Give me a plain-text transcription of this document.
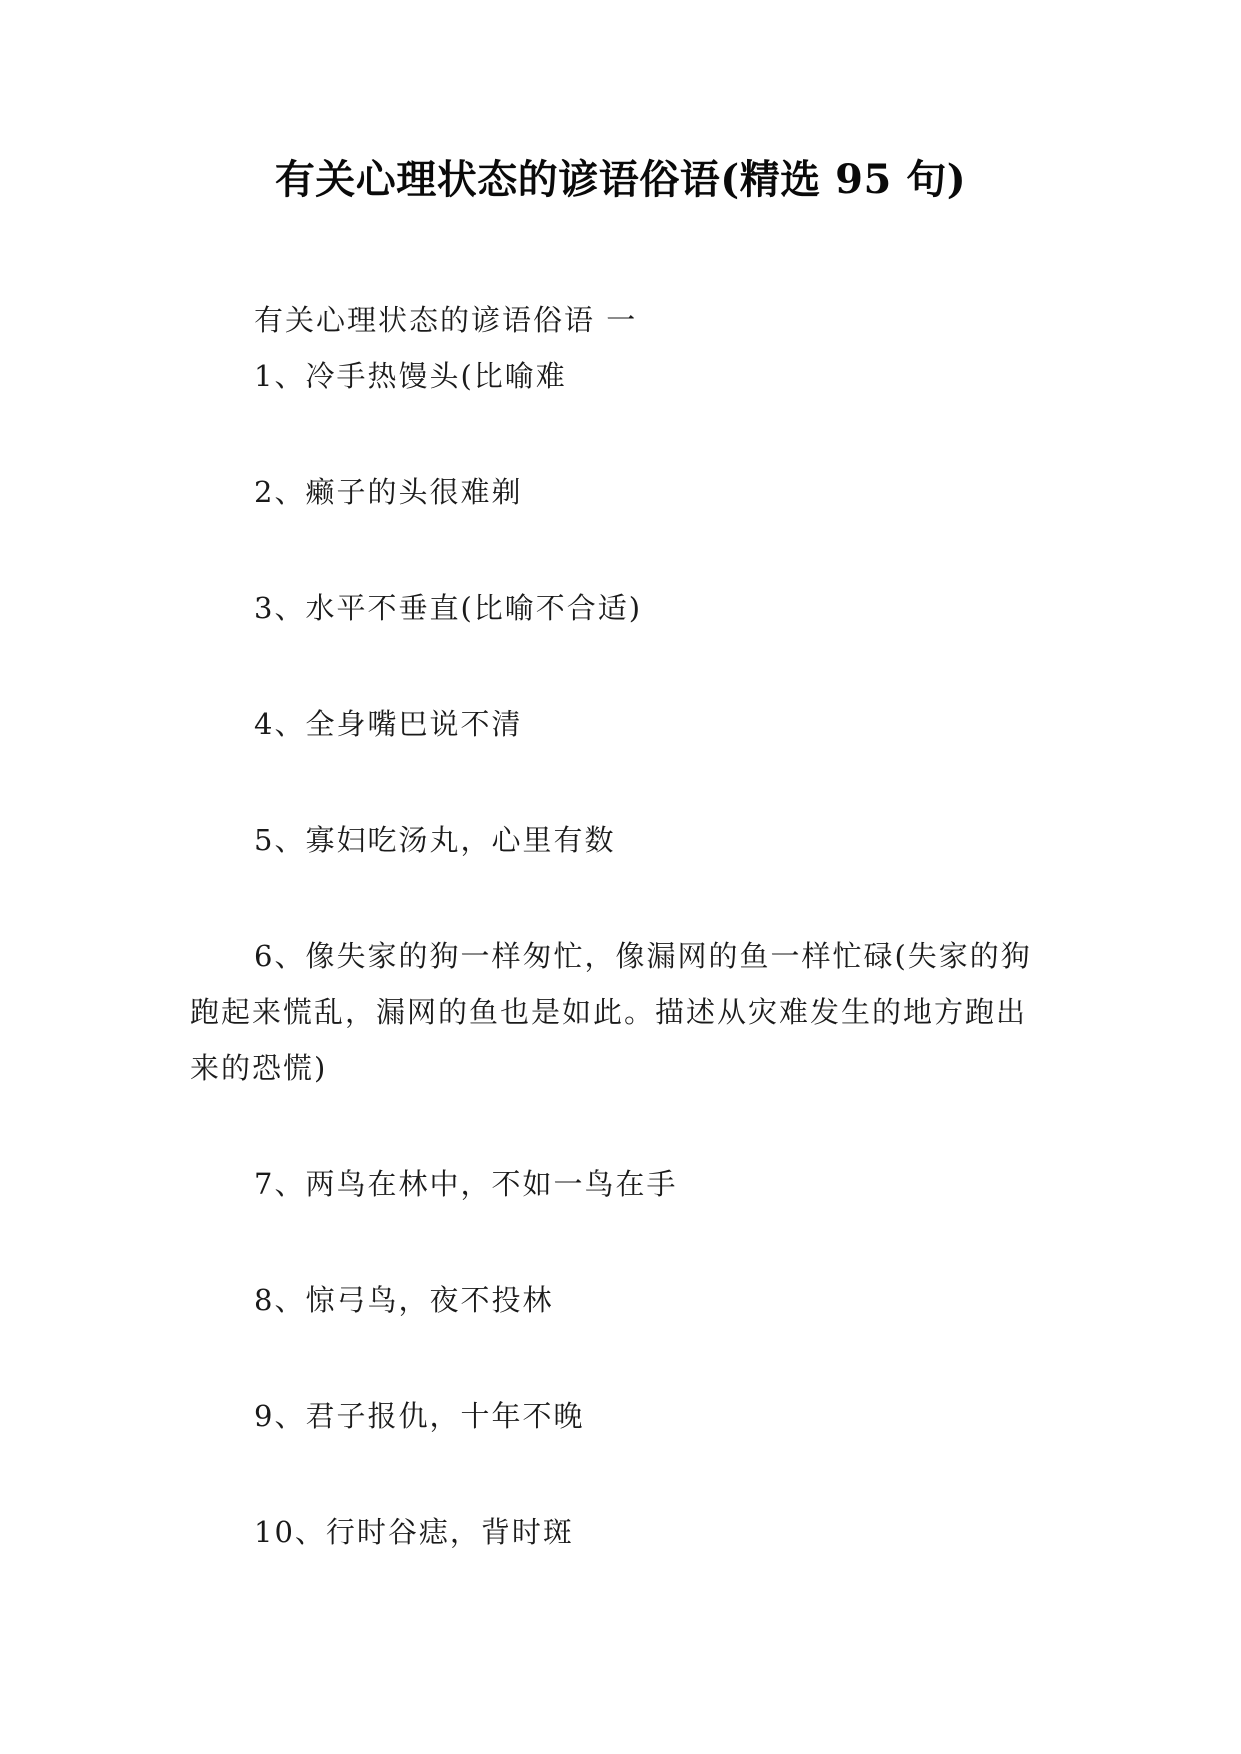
有关心理状态的谚语俗语(精选 95 句)

有关心理状态的谚语俗语 一

1、冷手热馒头(比喻难

2、癞子的头很难剃

3、水平不垂直(比喻不合适)

4、全身嘴巴说不清

5、寡妇吃汤丸，心里有数

6、像失家的狗一样匆忙，像漏网的鱼一样忙碌(失家的狗跑起来慌乱，漏网的鱼也是如此。描述从灾难发生的地方跑出来的恐慌)

7、两鸟在林中，不如一鸟在手

8、惊弓鸟，夜不投林

9、君子报仇，十年不晚

10、行时谷痣，背时斑
